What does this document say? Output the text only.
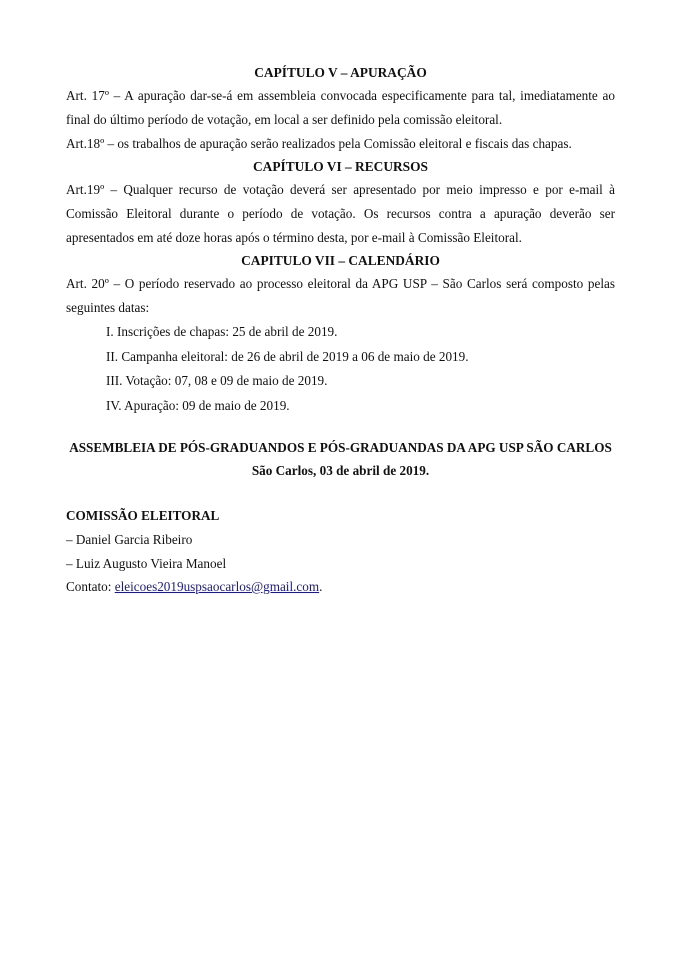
CAPÍTULO V – APURAÇÃO

Art. 17º – A apuração dar-se-á em assembleia convocada especificamente para tal, imediatamente ao final do último período de votação, em local a ser definido pela comissão eleitoral.

Art.18º – os trabalhos de apuração serão realizados pela Comissão eleitoral e fiscais das chapas.

CAPÍTULO VI – RECURSOS

Art.19º – Qualquer recurso de votação deverá ser apresentado por meio impresso e por e-mail à Comissão Eleitoral durante o período de votação. Os recursos contra a apuração deverão ser apresentados em até doze horas após o término desta, por e-mail à Comissão Eleitoral.

CAPITULO VII – CALENDÁRIO

Art. 20º – O período reservado ao processo eleitoral da APG USP – São Carlos será composto pelas seguintes datas:

I. Inscrições de chapas: 25 de abril de 2019.

II. Campanha eleitoral: de 26 de abril de 2019 a 06 de maio de 2019.

III. Votação: 07, 08 e 09 de maio de 2019.

IV. Apuração: 09 de maio de 2019.

ASSEMBLEIA DE PÓS-GRADUANDOS E PÓS-GRADUANDAS DA APG USP SÃO CARLOS
São Carlos, 03 de abril de 2019.
COMISSÃO ELEITORAL
– Daniel Garcia Ribeiro
– Luiz Augusto Vieira Manoel
Contato: eleicoes2019uspsaocarlos@gmail.com.
